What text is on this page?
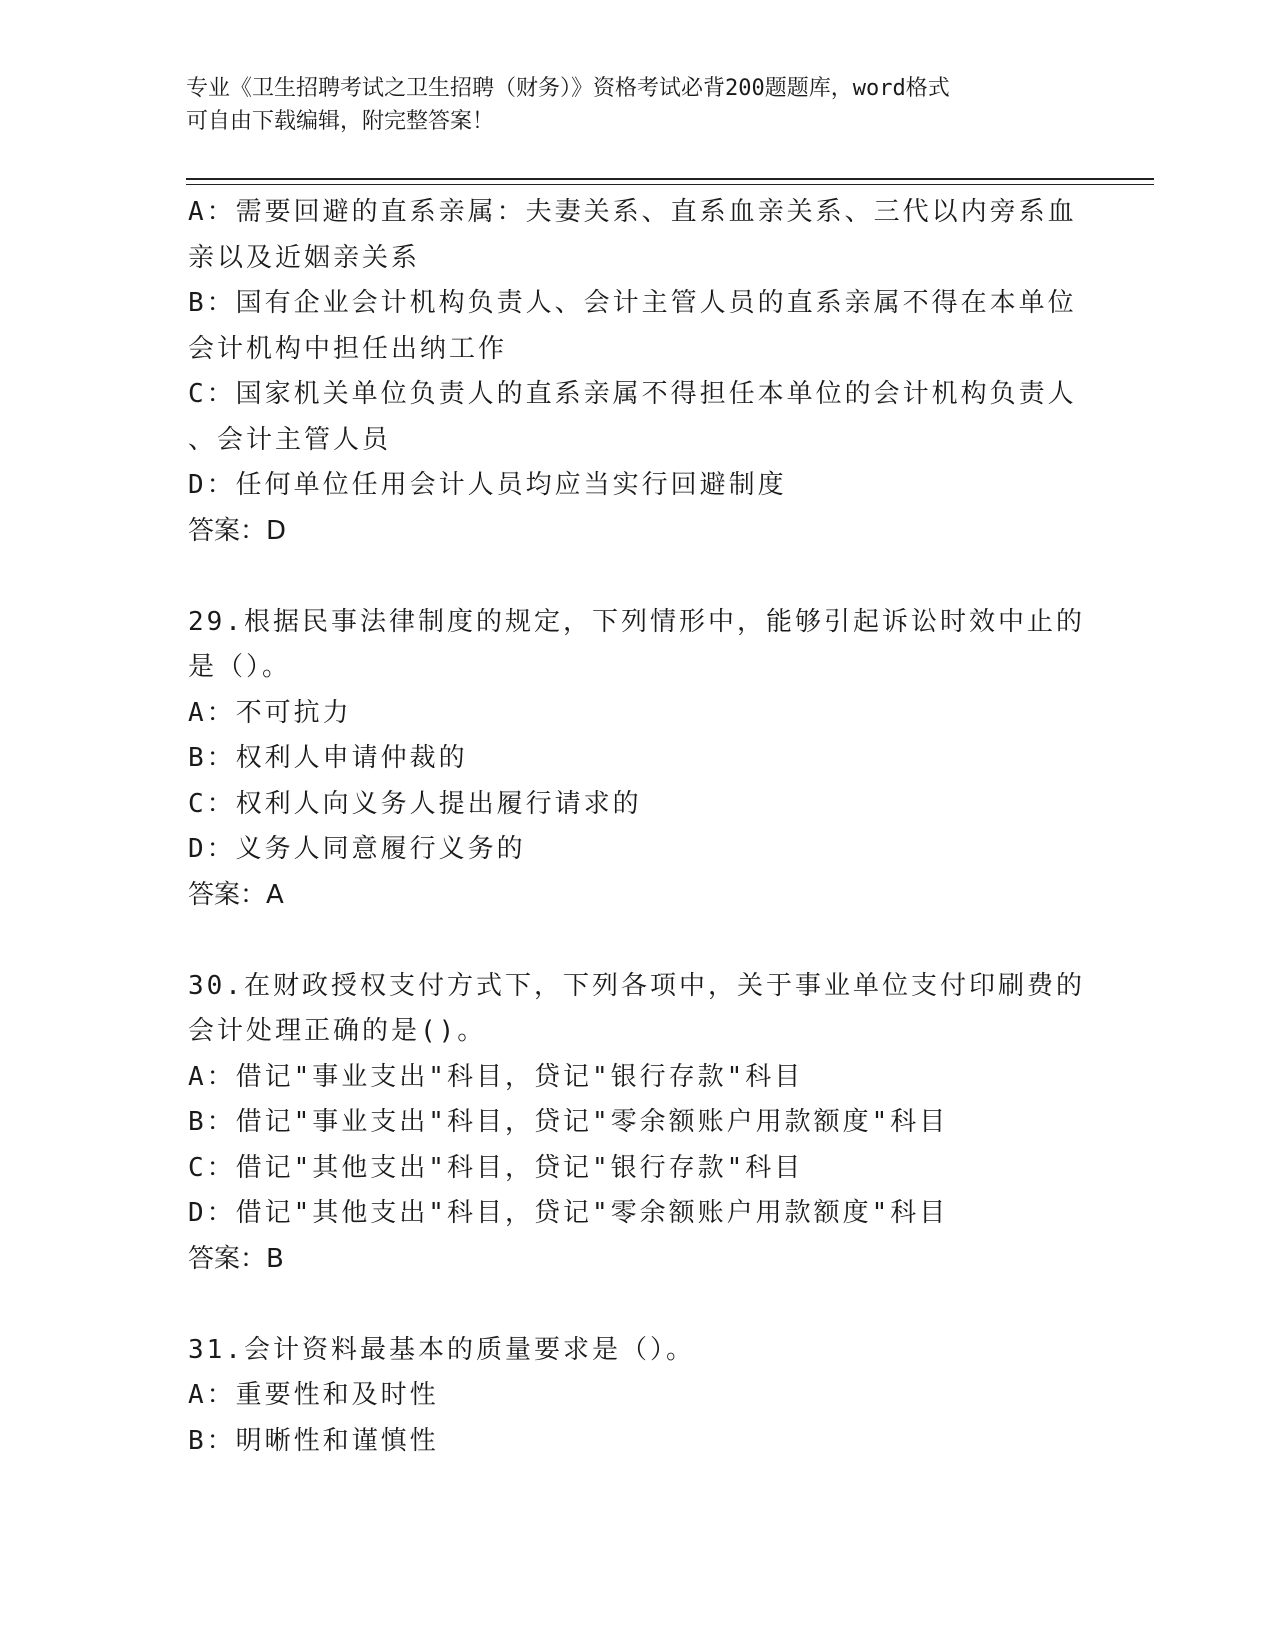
专业《卫生招聘考试之卫生招聘（财务）》资格考试必背200题题库，word格式
可自由下载编辑，附完整答案！
A：需要回避的直系亲属：夫妻关系、直系血亲关系、三代以内旁系血
亲以及近姻亲关系
B：国有企业会计机构负责人、会计主管人员的直系亲属不得在本单位
会计机构中担任出纳工作
C：国家机关单位负责人的直系亲属不得担任本单位的会计机构负责人
、会计主管人员
D：任何单位任用会计人员均应当实行回避制度
答案：D
29.根据民事法律制度的规定，下列情形中，能够引起诉讼时效中止的
是（）。
A：不可抗力
B：权利人申请仲裁的
C：权利人向义务人提出履行请求的
D：义务人同意履行义务的
答案：A
30.在财政授权支付方式下，下列各项中，关于事业单位支付印刷费的
会计处理正确的是()。
A：借记"事业支出"科目，贷记"银行存款"科目
B：借记"事业支出"科目，贷记"零余额账户用款额度"科目
C：借记"其他支出"科目，贷记"银行存款"科目
D：借记"其他支出"科目，贷记"零余额账户用款额度"科目
答案：B
31.会计资料最基本的质量要求是（）。
A：重要性和及时性
B：明晰性和谨慎性
